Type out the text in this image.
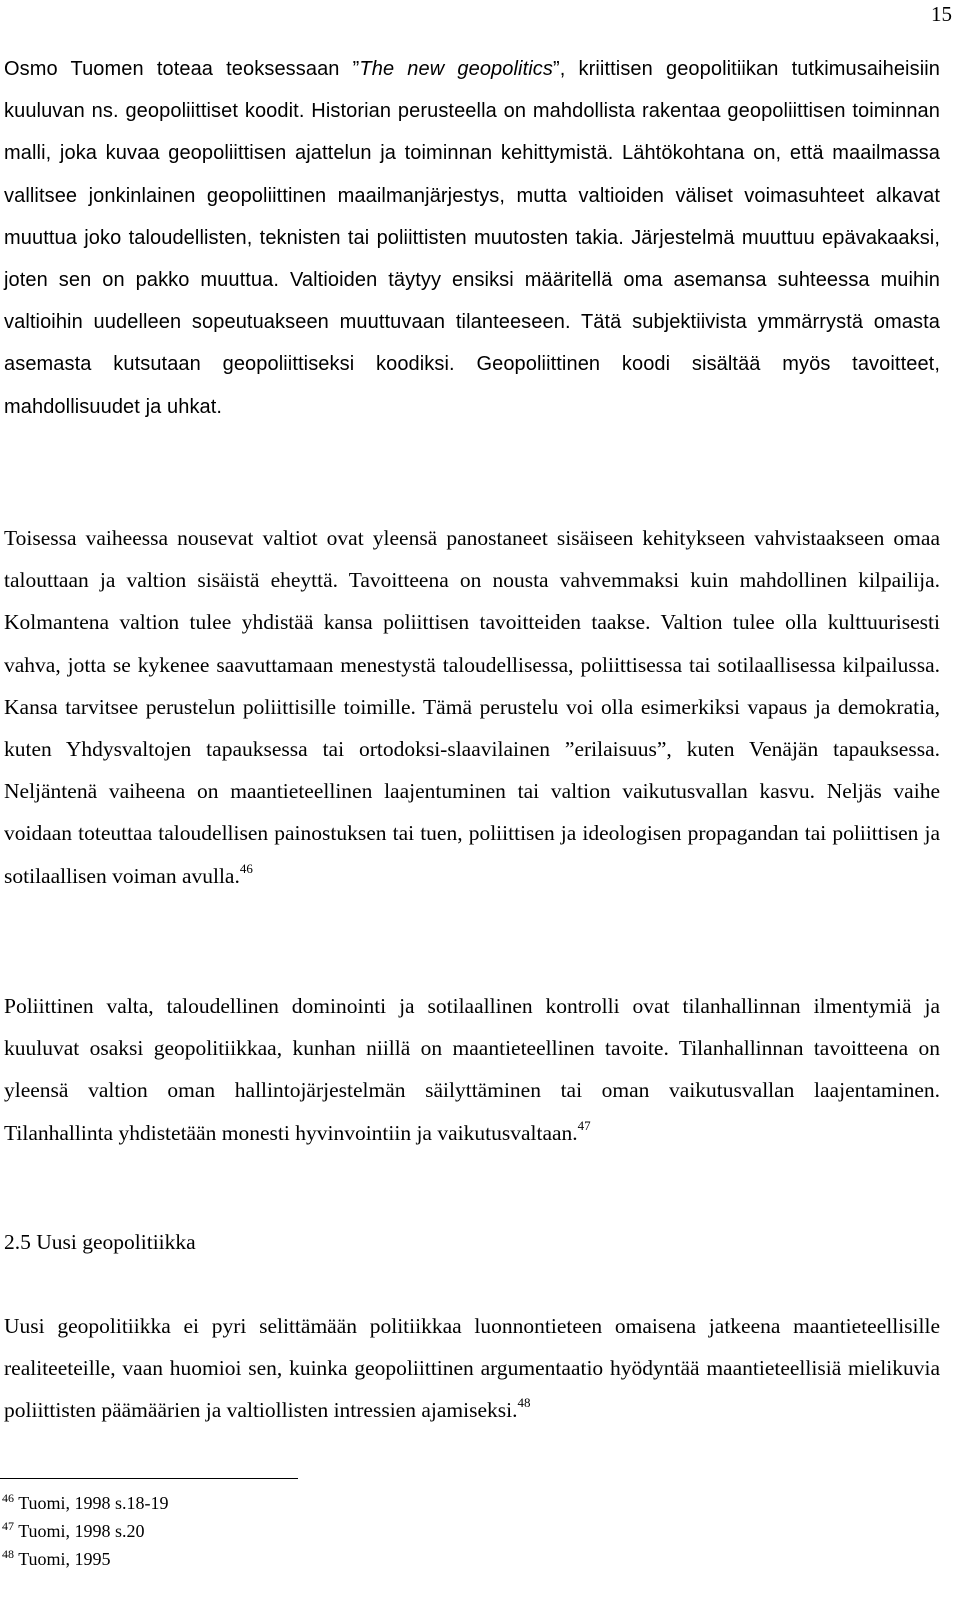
15

Osmo Tuomen toteaa teoksessaan ”The new geopolitics”, kriittisen geopolitiikan tutkimusaiheisiin kuuluvan ns. geopoliittiset koodit. Historian perusteella on mahdollista rakentaa geopoliittisen toiminnan malli, joka kuvaa geopoliittisen ajattelun ja toiminnan kehittymistä. Lähtökohtana on, että maailmassa vallitsee jonkinlainen geopoliittinen maailmanjärjestys, mutta valtioiden väliset voimasuhteet alkavat muuttua joko taloudellisten, teknisten tai poliittisten muutosten takia. Järjestelmä muuttuu epävakaaksi, joten sen on pakko muuttua. Valtioiden täytyy ensiksi määritellä oma asemansa suhteessa muihin valtioihin uudelleen sopeutuakseen muuttuvaan tilanteeseen. Tätä subjektiivista ymmärrystä omasta asemasta kutsutaan geopoliittiseksi koodiksi. Geopoliittinen koodi sisältää myös tavoitteet, mahdollisuudet ja uhkat.

Toisessa vaiheessa nousevat valtiot ovat yleensä panostaneet sisäiseen kehitykseen vahvistaakseen omaa talouttaan ja valtion sisäistä eheyttä. Tavoitteena on nousta vahvemmaksi kuin mahdollinen kilpailija. Kolmantena valtion tulee yhdistää kansa poliittisen tavoitteiden taakse. Valtion tulee olla kulttuurisesti vahva, jotta se kykenee saavuttamaan menestystä taloudellisessa, poliittisessa tai sotilaallisessa kilpailussa. Kansa tarvitsee perustelun poliittisille toimille. Tämä perustelu voi olla esimerkiksi vapaus ja demokratia, kuten Yhdysvaltojen tapauksessa tai ortodoksi-slaavilainen ”erilaisuus”, kuten Venäjän tapauksessa. Neljäntenä vaiheena on maantieteellinen laajentuminen tai valtion vaikutusvallan kasvu. Neljäs vaihe voidaan toteuttaa taloudellisen painostuksen tai tuen, poliittisen ja ideologisen propagandan tai poliittisen ja sotilaallisen voiman avulla.$^{46}$

Poliittinen valta, taloudellinen dominointi ja sotilaallinen kontrolli ovat tilanhallinnan ilmentymiä ja kuuluvat osaksi geopolitiikkaa, kunhan niillä on maantieteellinen tavoite. Tilanhallinnan tavoitteena on yleensä valtion oman hallintojärjestelmän säilyttäminen tai oman vaikutusvallan laajentaminen. Tilanhallinta yhdistetään monesti hyvinvointiin ja vaikutusvaltaan.$^{47}$

2.5 Uusi geopolitiikka

Uusi geopolitiikka ei pyri selittämään politiikkaa luonnontieteen omaisena jatkeena maantieteellisille realiteeteille, vaan huomioi sen, kuinka geopoliittinen argumentaatio hyödyntää maantieteellisiä mielikuvia poliittisten päämäärien ja valtiollisten intressien ajamiseksi.$^{48}$

$^{46}$ Tuomi, 1998 s.18-19
$^{47}$ Tuomi, 1998 s.20
$^{48}$ Tuomi, 1995
